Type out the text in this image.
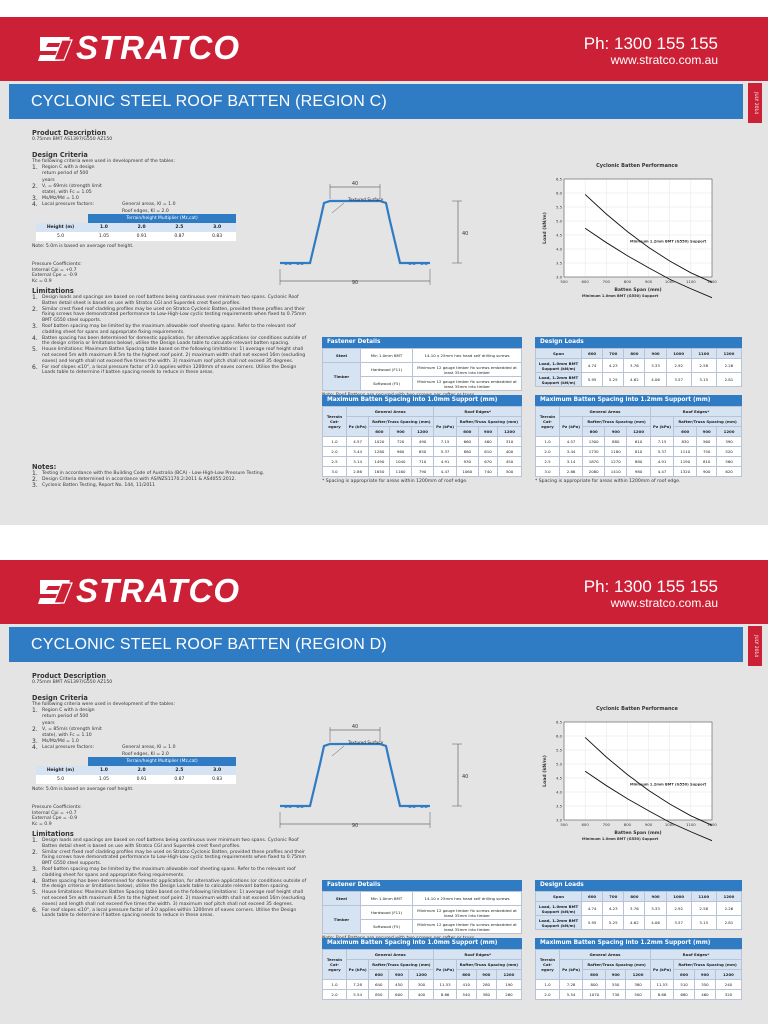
STRATCO	Ph: 1300 155 155
www.stratco.com.au
CYCLONIC STEEL ROOF BATTEN (REGION C)	JULY 2014
Product Description
0.75mm BMT AS1397/G550 AZ150
Design Criteria
The following criteria were used in development of the tables:
1. Region C with a design return period of 500 years
2. V, = 69m/s (strength limit state), with Fc = 1.05
3. Ms/Mz/Md = 1.0
4. Local pressure factors:	General areas, Kl = 1.0
Roof edges, Kl = 2.0
Terrain/height Multiplier (Mz,cat)
Height (m)	1.0	2.0	2.5	3.0
5.0	1.05	0.91	0.87	0.83
Note: 5.0m is based on average roof height.
Pressure Coefficients:
Internal Cpi = +0.7
External Cpe = -0.9
Kc = 0.9
Limitations
1. Design loads and spacings are based on roof battens being continuous over minimum two spans. Cyclonic Roof Batten detail sheet is based on use with Stratco CGI and Superdek crest fixed profiles.
2. Similar crest fixed roof cladding profiles may be used on Stratco Cyclonic Batten, provided these profiles and their fixing screws have demonstrated performance to Low-High-Low cyclic testing requirements when fixed to 0.75mm BMT G550 steel supports.
3. Roof batten spacing may be limited by the maximum allowable roof sheeting spans. Refer to the relevant roof cladding sheet for spans and appropriate fixing requirements.
4. Batten spacing has been determined for domestic application, for alternative applications (or conditions outside of the design criteria or limitations below), utilise the Design Loads table to calculate relevant batten spacing.
5. House limitations: Maximum Batten Spacing table based on the following limitations: 1) average roof height shall not exceed 5m with maximum 8.5m to the highest roof point. 2) maximum width shall not exceed 16m (excluding eaves) and length shall not exceed five times the width. 3) maximum roof pitch shall not exceed 35 degrees.
6. For roof slopes ≤10°, a local pressure factor of 3.0 applies within 1200mm of eaves corners. Utilise the Design Loads table to determine if batten spacing needs to reduce in these areas.
Notes:
1. Testing in accordance with the Building Code of Australia (BCA) - Low-High-Low Pressure Testing.
2. Design Criteria determined in accordance with AS/NZS1170.2:2011 & AS4055:2012.
3. Cyclonic Batten Testing, Report No. 144, 11/2011
40
40
90
Textured Surface
Cyclonic Batten Performance
500	600	700	800	900	1000	1100	1200
3.0
3.5
4.0
4.5
5.0
5.5
6.0
6.5
Minimum 1.2mm BMT (G550) Support
Minimum 1.0mm BMT (G550) Support
Batten Span (mm)
Load (kN/m)
Fastener Details
Steel	Min 1.0mm BMT	14-10 x 25mm hex head self drilling screws
Timber	Hardwood (F11)	Minimum 12 gauge timber fix screws embedded at least 35mm into timber
	Softwood (F5)	Minimum 12 gauge timber fix screws embedded at least 35mm into timber
Design Loads
Span	600	700	800	900	1000	1100	1200
Load, 1.0mm BMT Support (kN/m)	4.74	4.23	3.76	3.33	2.92	2.58	2.26
Load, 1.2mm BMT Support (kN/m)	5.95	5.25	4.62	4.06	3.57	3.15	2.81
Maximum Batten Spacing into 1.0mm Support (mm)
Terrain Cat-egory	General Areas				Roof Edges*			
	Pz (kPa)	Rafter/Truss Spacing (mm)			Pz (kPa)	Rafter/Truss Spacing (mm)		
		600	900	1200		600	900	1200
1.0	4.57	1020	720	490	7.15	660	460	310
2.0	3.44	1280	960	650	5.37	880	610	400
2.5	3.14	1490	1040	710	4.91	930	670	450
3.0	2.86	1650	1160	790	4.47	1060	740	500
* Spacing is appropriate for areas within 1200mm of roof edge.
Maximum Batten Spacing into 1.2mm Support (mm)
Terrain Cat-egory	General Areas				Roof Edges*			
	Pz (kPa)	Rafter/Truss Spacing (mm)			Pz (kPa)	Rafter/Truss Spacing (mm)		
		600	900	1200		600	900	1200
1.0	4.57	1300	880	610	7.15	830	560	390
2.0	3.44	1730	1180	810	5.37	1110	750	520
2.5	3.14	1870	1270	880	4.91	1190	810	560
3.0	2.86	2080	1410	980	4.47	1320	900	620
* Spacing is appropriate for areas within 1200mm of roof edge.
STRATCO	Ph: 1300 155 155
www.stratco.com.au
CYCLONIC STEEL ROOF BATTEN (REGION D)	JULY 2014
Product Description
0.75mm BMT AS1397/G550 AZ150
Design Criteria
The following criteria were used in development of the tables:
1. Region C with a design return period of 500 years
2. V, = 85m/s (strength limit state), with Fc = 1.10
3. Ms/Mz/Md = 1.0
4. Local pressure factors:	General areas, Kl = 1.0
Roof edges, Kl = 2.0
Terrain/height Multiplier (Mz,cat)
Height (m)	1.0	2.0	2.5	3.0
5.0	1.05	0.91	0.87	0.83
Note: 5.0m is based on average roof height.
Pressure Coefficients:
Internal Cpi = +0.7
External Cpe = -0.9
Kc = 0.9
Limitations
1. Design loads and spacings are based on roof battens being continuous over minimum two spans. Cyclonic Roof Batten detail sheet is based on use with Stratco CGI and Superdek crest fixed profiles.
2. Similar crest fixed roof cladding profiles may be used on Stratco Cyclonic Batten, provided these profiles and their fixing screws have demonstrated performance to Low-High-Low cyclic testing requirements when fixed to 0.75mm BMT G550 steel supports.
3. Roof batten spacing may be limited by the maximum allowable roof sheeting spans. Refer to the relevant roof cladding sheet for spans and appropriate fixing requirements.
4. Batten spacing has been determined for domestic application, for alternative applications (or conditions outside of the design criteria or limitations below), utilise the Design Loads table to calculate relevant batten spacing.
5. House limitations: Maximum Batten Spacing table based on the following limitations: 1) average roof height shall not exceed 5m with maximum 8.5m to the highest roof point. 2) maximum width shall not exceed 16m (excluding eaves) and length shall not exceed five times the width. 3) maximum roof pitch shall not exceed 35 degrees.
6. For roof slopes ≤10°, a local pressure factor of 3.0 applies within 1200mm of eaves corners. Utilise the Design Loads table to determine if batten spacing needs to reduce in these areas.
40
40
90
Textured Surface
Cyclonic Batten Performance
500	600	700	800	900	1000	1100	1200
3.0
3.5
4.0
4.5
5.0
5.5
6.0
6.5
Minimum 1.2mm BMT (G550) Support
Minimum 1.0mm BMT (G550) Support
Batten Span (mm)
Load (kN/m)
Fastener Details
Steel	Min 1.0mm BMT	14-10 x 25mm hex head self drilling screws
Timber	Hardwood (F11)	Minimum 12 gauge timber fix screws embedded at least 35mm into timber
	Softwood (F5)	Minimum 12 gauge timber fix screws embedded at least 35mm into timber
Design Loads
Span	600	700	800	900	1000	1100	1200
Load, 1.0mm BMT Support (kN/m)	4.74	4.23	3.76	3.33	2.92	2.58	2.26
Load, 1.2mm BMT Support (kN/m)	5.95	5.25	4.62	4.06	3.57	3.15	2.81
Maximum Batten Spacing into 1.0mm Support (mm)
Terrain Cat-egory	General Areas				Roof Edges*			
	Pz (kPa)	Rafter/Truss Spacing (mm)			Pz (kPa)	Rafter/Truss Spacing (mm)		
		600	900	1200		600	900	1200
1.0	7.28	640	450	300	11.53	410	280	190
2.0	5.54	850	600	400	8.66	540	380	260
Maximum Batten Spacing into 1.2mm Support (mm)
Terrain Cat-egory	General Areas				Roof Edges*			
	Pz (kPa)	Rafter/Truss Spacing (mm)			Pz (kPa)	Rafter/Truss Spacing (mm)		
		600	900	1200		600	900	1200
1.0	7.28	800	550	380	11.53	510	350	240
2.0	5.54	1070	730	500	8.66	680	460	320
